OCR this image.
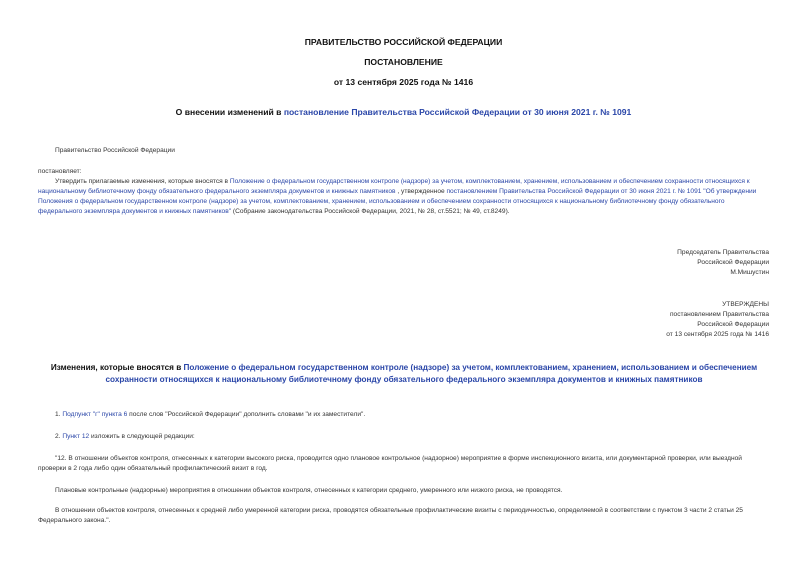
ПРАВИТЕЛЬСТВО РОССИЙСКОЙ ФЕДЕРАЦИИ
ПОСТАНОВЛЕНИЕ
от 13 сентября 2025 года № 1416
О внесении изменений в постановление Правительства Российской Федерации от 30 июня 2021 г. № 1091
Правительство Российской Федерации
постановляет:
Утвердить прилагаемые изменения, которые вносятся в Положение о федеральном государственном контроле (надзоре) за учетом, комплектованием, хранением, использованием и обеспечением сохранности относящихся к национальному библиотечному фонду обязательного федерального экземпляра документов и книжных памятников , утвержденное постановлением Правительства Российской Федерации от 30 июня 2021 г. № 1091 "Об утверждении Положения о федеральном государственном контроле (надзоре) за учетом, комплектованием, хранением, использованием и обеспечением сохранности относящихся к национальному библиотечному фонду обязательного федерального экземпляра документов и книжных памятников" (Собрание законодательства Российской Федерации, 2021, № 28, ст.5521; № 49, ст.8249).
Председатель Правительства
Российской Федерации
М.Мишустин
УТВЕРЖДЕНЫ
постановлением Правительства
Российской Федерации
от 13 сентября 2025 года № 1416
Изменения, которые вносятся в Положение о федеральном государственном контроле (надзоре) за учетом, комплектованием, хранением, использованием и обеспечением сохранности относящихся к национальному библиотечному фонду обязательного федерального экземпляра документов и книжных памятников
1. Подпункт "г" пункта 6 после слов "Российской Федерации" дополнить словами "и их заместители".
2. Пункт 12 изложить в следующей редакции:
"12. В отношении объектов контроля, отнесенных к категории высокого риска, проводится одно плановое контрольное (надзорное) мероприятие в форме инспекционного визита, или документарной проверки, или выездной проверки в 2 года либо один обязательный профилактический визит в год.
Плановые контрольные (надзорные) мероприятия в отношении объектов контроля, отнесенных к категории среднего, умеренного или низкого риска, не проводятся.
В отношении объектов контроля, отнесенных к средней либо умеренной категории риска, проводятся обязательные профилактические визиты с периодичностью, определяемой в соответствии с пунктом 3 части 2 статьи 25 Федерального закона.".
